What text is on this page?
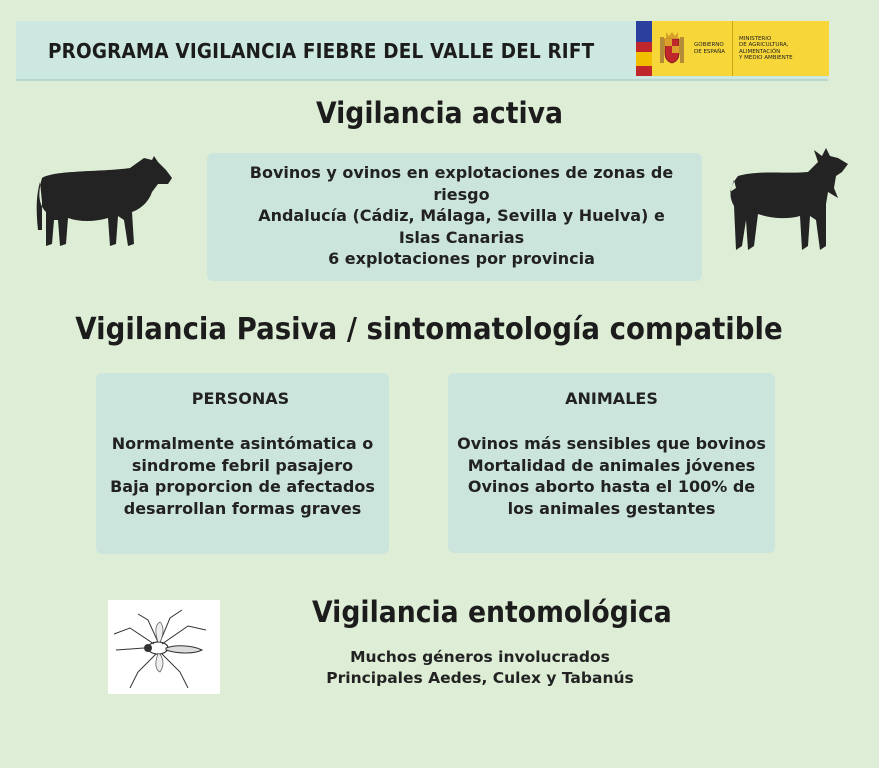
PROGRAMA VIGILANCIA FIEBRE DEL VALLE DEL RIFT	GOBIERNO
DE ESPAÑA
MINISTERIO
DE AGRICULTURA, ALIMENTACIÓN
Y MEDIO AMBIENTE
Vigilancia activa
Bovinos y ovinos en explotaciones de zonas de
riesgo
Andalucía (Cádiz, Málaga, Sevilla y Huelva) e
Islas Canarias
6 explotaciones por provincia
Vigilancia Pasiva / sintomatología compatible
PERSONAS
Normalmente asintómatica o
sindrome febril pasajero
Baja proporcion de afectados
desarrollan formas graves
ANIMALES
Ovinos más sensibles que bovinos
Mortalidad de animales jóvenes
Ovinos aborto hasta el 100% de
los animales gestantes
Vigilancia entomológica
Muchos géneros involucrados
Principales Aedes, Culex y Tabanús
